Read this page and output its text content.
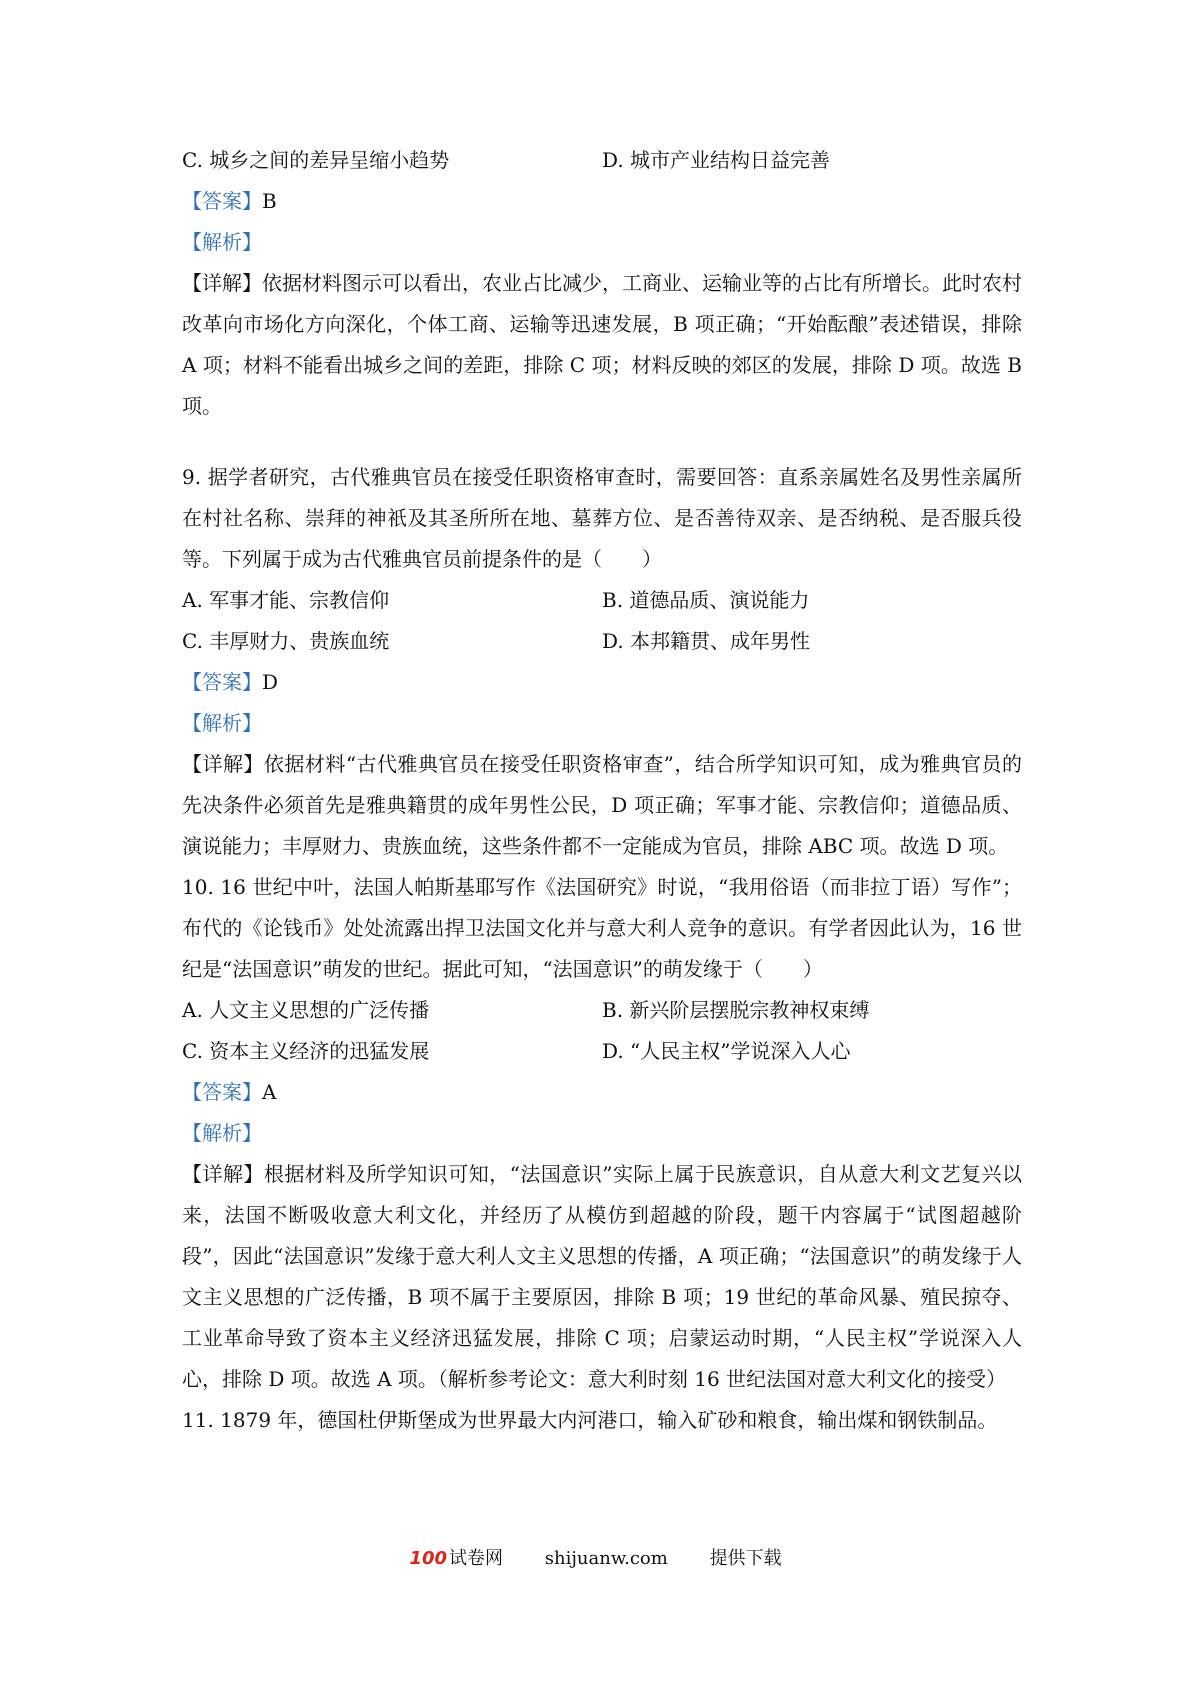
C. 城乡之间的差异呈缩小趋势	D. 城市产业结构日益完善
【答案】B
【解析】
【详解】依据材料图示可以看出，农业占比减少，工商业、运输业等的占比有所增长。此时农村改革向市场化方向深化，个体工商、运输等迅速发展，B 项正确；“开始酝酿”表述错误，排除 A 项；材料不能看出城乡之间的差距，排除 C 项；材料反映的郊区的发展，排除 D 项。故选 B 项。
9. 据学者研究，古代雅典官员在接受任职资格审查时，需要回答：直系亲属姓名及男性亲属所在村社名称、崇拜的神祇及其圣所所在地、墓葬方位、是否善待双亲、是否纳税、是否服兵役等。下列属于成为古代雅典官员前提条件的是（　　）
A. 军事才能、宗教信仰	B. 道德品质、演说能力
C. 丰厚财力、贵族血统	D. 本邦籍贯、成年男性
【答案】D
【解析】
【详解】依据材料“古代雅典官员在接受任职资格审查”，结合所学知识可知，成为雅典官员的先决条件必须首先是雅典籍贯的成年男性公民，D 项正确；军事才能、宗教信仰；道德品质、演说能力；丰厚财力、贵族血统，这些条件都不一定能成为官员，排除 ABC 项。故选 D 项。
10. 16 世纪中叶，法国人帕斯基耶写作《法国研究》时说，“我用俗语（而非拉丁语）写作”；布代的《论钱币》处处流露出捍卫法国文化并与意大利人竞争的意识。有学者因此认为，16 世纪是“法国意识”萌发的世纪。据此可知，“法国意识”的萌发缘于（　　）
A. 人文主义思想的广泛传播	B. 新兴阶层摆脱宗教神权束缚
C. 资本主义经济的迅猛发展	D. “人民主权”学说深入人心
【答案】A
【解析】
【详解】根据材料及所学知识可知，“法国意识”实际上属于民族意识，自从意大利文艺复兴以来，法国不断吸收意大利文化，并经历了从模仿到超越的阶段，题干内容属于“试图超越阶段”，因此“法国意识”发缘于意大利人文主义思想的传播，A 项正确；“法国意识”的萌发缘于人文主义思想的广泛传播，B 项不属于主要原因，排除 B 项；19 世纪的革命风暴、殖民掠夺、工业革命导致了资本主义经济迅猛发展，排除 C 项；启蒙运动时期，“人民主权”学说深入人心，排除 D 项。故选 A 项。（解析参考论文：意大利时刻 16 世纪法国对意大利文化的接受）
11. 1879 年，德国杜伊斯堡成为世界最大内河港口，输入矿砂和粮食，输出煤和钢铁制品。
100 试卷网 shijuanw.com 提供下载
